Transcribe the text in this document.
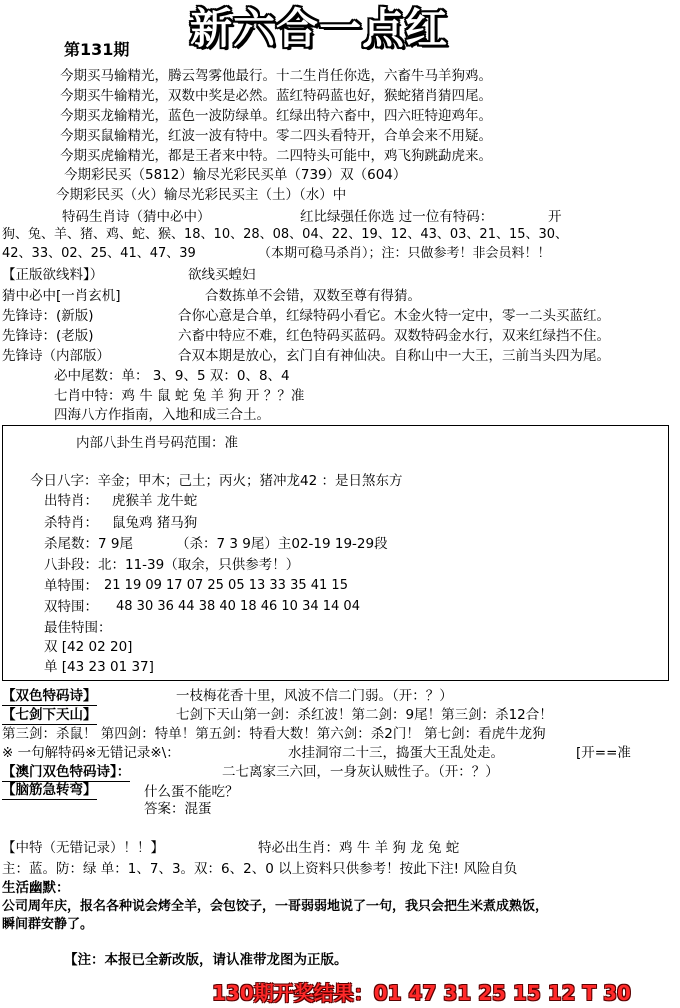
第131期 新六合一点红
今期买马输精光，腾云驾雾他最行。十二生肖任你选，六畜牛马羊狗鸡。
今期买牛输精光，双数中奖是必然。蓝红特码蓝也好，猴蛇猪肖猜四尾。
今期买龙输精光，蓝色一波防绿单。红绿出特六畜中，四六旺特迎鸡年。
今期买鼠输精光，红波一波有特中。零二四头看特开，合单会来不用疑。
今期买虎输精光，都是王者来中特。二四特头可能中，鸡飞狗跳勐虎来。
今期彩民买（5812）输尽光彩民买单（739）双（604）
今期彩民买（火）输尽光彩民买主（土）（水）中
特码生肖诗（猜中必中）	红比绿强任你选 过一位有特码：	开
狗、兔、羊、猪、鸡、蛇、猴、18、10、28、08、04、22、19、12、43、03、21、15、30、
42、33、02、25、41、47、39	（本期可稳马杀肖）；注：只做参考！非会员料！！
【正版欲线料】）	欲线买蝗妇
猜中必中[一肖玄机]	合数拣单不会错，双数至尊有得猜。
先锋诗：(新版)	合你心意是合单，红绿特码小看它。木金火特一定中，零一二头买蓝红。
先锋诗：(老版)	六畜中特应不难，红色特码买蓝码。双数特码金水行，双来红绿挡不住。
先锋诗（内部版）	合双本期是放心，玄门自有神仙决。自称山中一大王，三前当头四为尾。
必中尾数：单： 3、9、5 双：0、8、4
七肖中特：鸡 牛 鼠 蛇 兔 羊 狗 开 ？？准
四海八方作指南，入地和成三合土。
内部八卦生肖号码范围：准
今日八字：辛金；甲木；己土；丙火；猪冲龙42 ：是日煞东方
出特肖： 虎猴羊 龙牛蛇
杀特肖： 鼠兔鸡 猪马狗
杀尾数：7 9尾	（杀：7 3 9尾）主02-19 19-29段
八卦段：北：11-39（取余，只供参考！）
单特围： 21 19 09 17 07 25 05 13 33 35 41 15
双特围： 48 30 36 44 38 40 18 46 10 34 14 04
最佳特围：
双 [42 02 20]
单 [43 23 01 37]
【双色特码诗】	一枝梅花香十里，风波不信二门弱。（开：？）
【七剑下天山】	七剑下天山第一剑：杀红波！第二剑：9尾！第三剑：杀12合！
第三剑：杀鼠！ 第四剑：特单！第五剑：特看大数！第六剑：杀2门！ 第七剑：看虎牛龙狗
※ 一句解特码※无错记录※\：	水挂洞帘二十三，捣蛋大王乱处走。	[开==准
【澳门双色特码诗】：	二七离家三六回，一身灰认贼性子。（开：？）
【脑筋急转弯】	什么蛋不能吃？
答案：混蛋
【中特（无错记录）！！】	特必出生肖：鸡 牛 羊 狗 龙 兔 蛇
主：蓝。防：绿 单：1、7、3。双：6、2、0 以上资料只供参考！按此下注! 风险自负
生活幽默：
公司周年庆，报名各种说会烤全羊，会包饺子，一哥弱弱地说了一句，我只会把生米煮成熟饭，
瞬间群安静了。
【注：本报已全新改版，请认准带龙图为正版。
130期开奖结果：01 47 31 25 15 12 T 30
